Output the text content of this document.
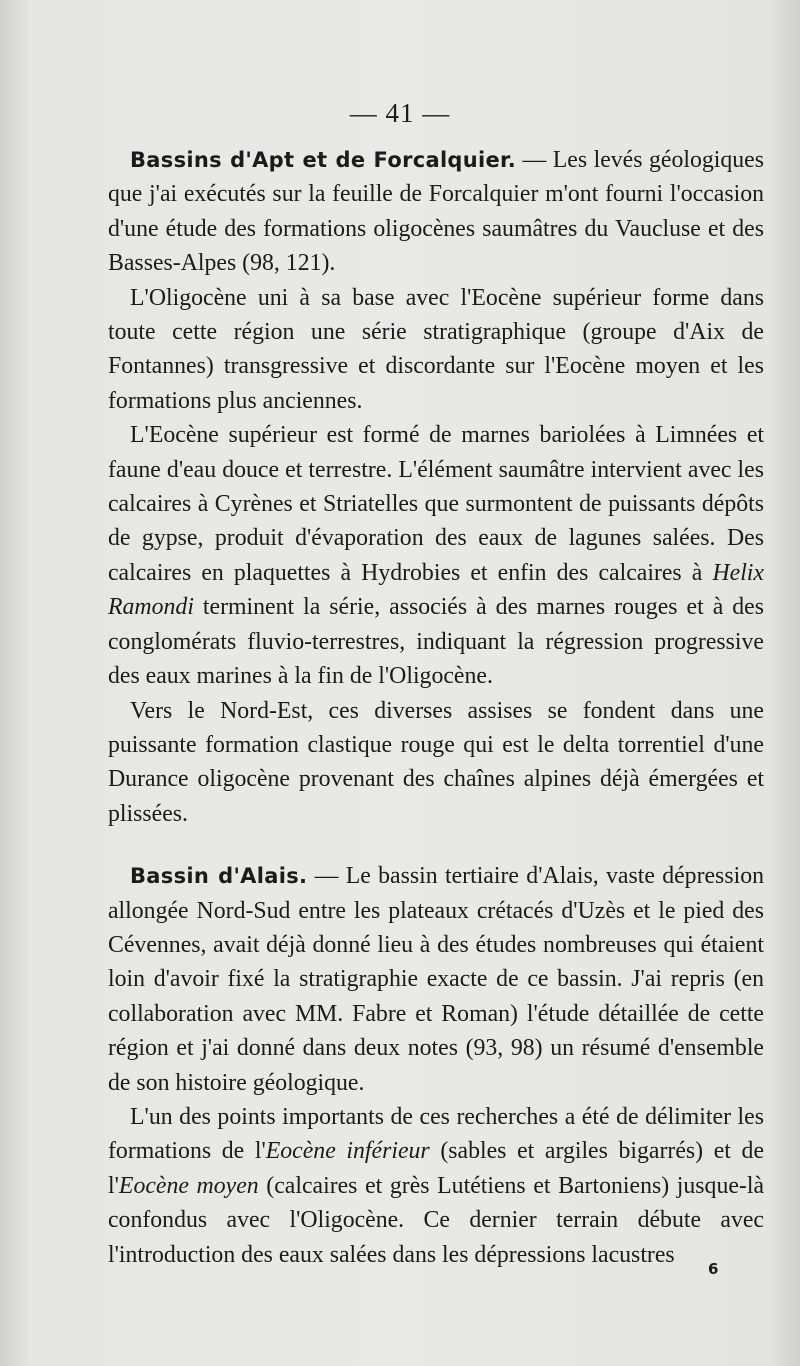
— 41 —

Bassins d'Apt et de Forcalquier. — Les levés géologiques que j'ai exécutés sur la feuille de Forcalquier m'ont fourni l'occasion d'une étude des formations oligocènes saumâtres du Vaucluse et des Basses-Alpes (98, 121).

L'Oligocène uni à sa base avec l'Eocène supérieur forme dans toute cette région une série stratigraphique (groupe d'Aix de Fontannes) transgressive et discordante sur l'Eocène moyen et les formations plus anciennes.

L'Eocène supérieur est formé de marnes bariolées à Limnées et faune d'eau douce et terrestre. L'élément saumâtre intervient avec les calcaires à Cyrènes et Striatelles que surmontent de puissants dépôts de gypse, produit d'évaporation des eaux de lagunes salées. Des calcaires en plaquettes à Hydrobies et enfin des calcaires à Helix Ramondi terminent la série, associés à des marnes rouges et à des conglomérats fluvio-terrestres, indiquant la régression progressive des eaux marines à la fin de l'Oligocène.

Vers le Nord-Est, ces diverses assises se fondent dans une puissante formation clastique rouge qui est le delta torrentiel d'une Durance oligocène provenant des chaînes alpines déjà émergées et plissées.

Bassin d'Alais. — Le bassin tertiaire d'Alais, vaste dépression allongée Nord-Sud entre les plateaux crétacés d'Uzès et le pied des Cévennes, avait déjà donné lieu à des études nombreuses qui étaient loin d'avoir fixé la stratigraphie exacte de ce bassin. J'ai repris (en collaboration avec MM. Fabre et Roman) l'étude détaillée de cette région et j'ai donné dans deux notes (93, 98) un résumé d'ensemble de son histoire géologique.

L'un des points importants de ces recherches a été de délimiter les formations de l'Eocène inférieur (sables et argiles bigarrés) et de l'Eocène moyen (calcaires et grès Lutétiens et Bartoniens) jusque-là confondus avec l'Oligocène. Ce dernier terrain débute avec l'introduction des eaux salées dans les dépressions lacustres

6
